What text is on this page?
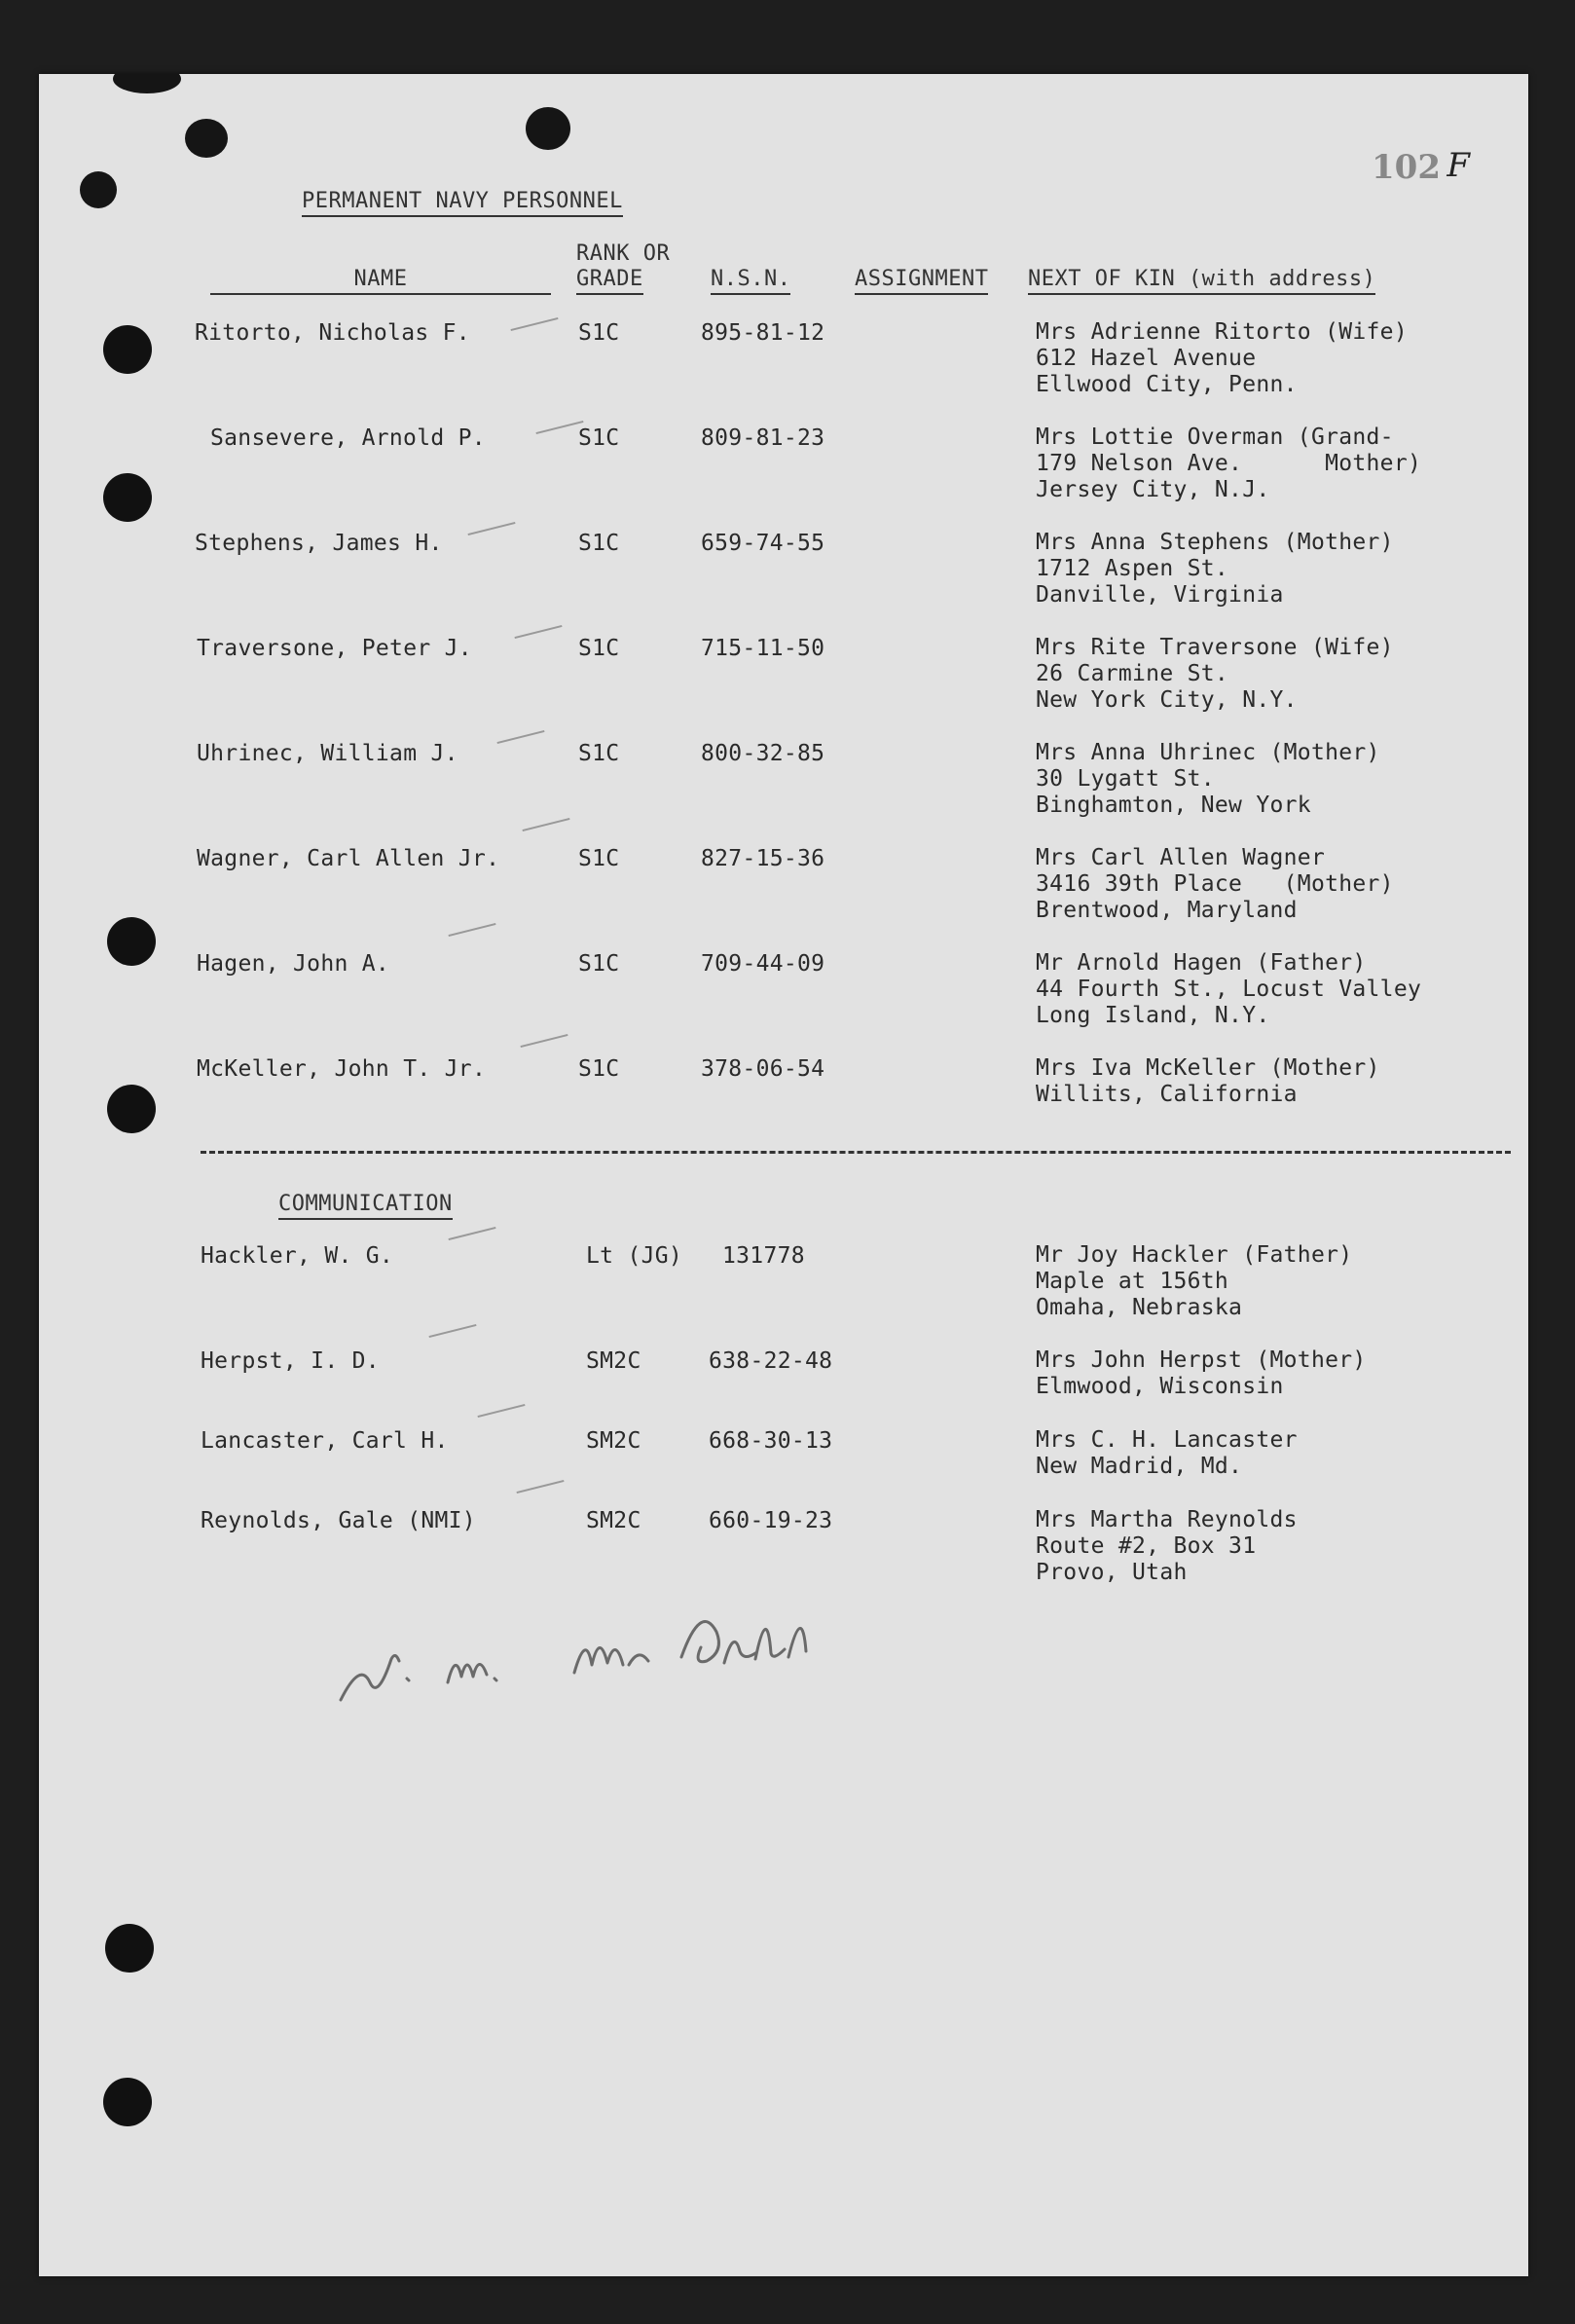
102 F
PERMANENT NAVY PERSONNEL
RANK OR
NAME	GRADE	N.S.N.	ASSIGNMENT NEXT OF KIN (with address)
Ritorto, Nicholas F.	S1C	895-81-12	Mrs Adrienne Ritorto (Wife)
612 Hazel Avenue
Ellwood City, Penn.
Sansevere, Arnold P.	S1C	809-81-23	Mrs Lottie Overman (Grand-
179 Nelson Ave.      Mother)
Jersey City, N.J.
Stephens, James H.	S1C	659-74-55	Mrs Anna Stephens (Mother)
1712 Aspen St.
Danville, Virginia
Traversone, Peter J.	S1C	715-11-50	Mrs Rite Traversone (Wife)
26 Carmine St.
New York City, N.Y.
Uhrinec, William J.	S1C	800-32-85	Mrs Anna Uhrinec (Mother)
30 Lygatt St.
Binghamton, New York
Wagner, Carl Allen Jr.	S1C	827-15-36	Mrs Carl Allen Wagner
3416 39th Place   (Mother)
Brentwood, Maryland
Hagen, John A.	S1C	709-44-09	Mr Arnold Hagen (Father)
44 Fourth St., Locust Valley
Long Island, N.Y.
McKeller, John T. Jr.	S1C	378-06-54	Mrs Iva McKeller (Mother)
Willits, California
COMMUNICATION
Hackler, W. G.	Lt (JG) 131778	Mr Joy Hackler (Father)
Maple at 156th
Omaha, Nebraska
Herpst, I. D.	SM2C	638-22-48	Mrs John Herpst (Mother)
Elmwood, Wisconsin
Lancaster, Carl H.	SM2C	668-30-13	Mrs C. H. Lancaster
New Madrid, Md.
Reynolds, Gale (NMI)	SM2C	660-19-23	Mrs Martha Reynolds
Route #2, Box 31
Provo, Utah
